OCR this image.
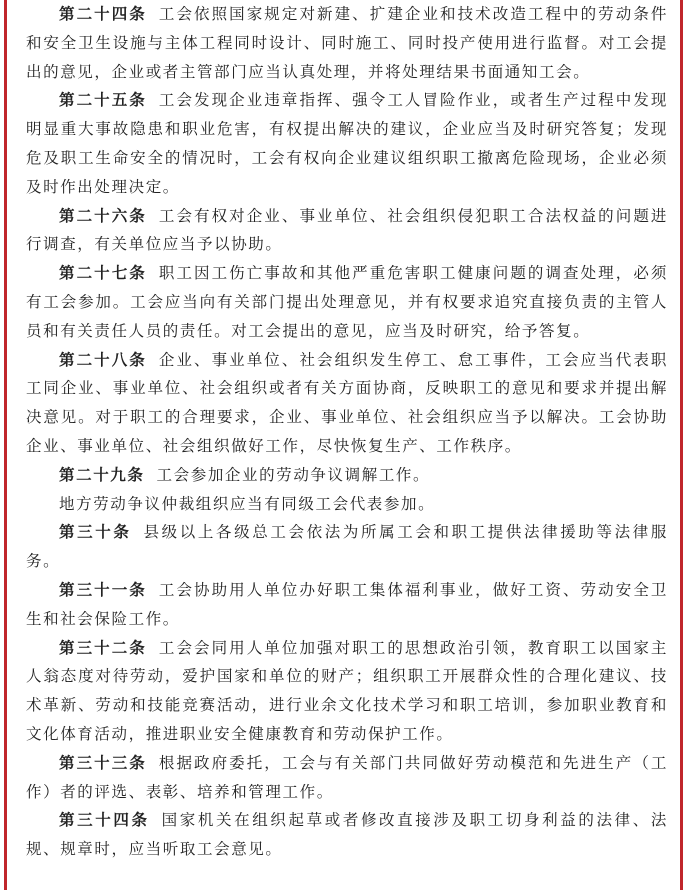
第二十四条 工会依照国家规定对新建、扩建企业和技术改造工程中的劳动条件和安全卫生设施与主体工程同时设计、同时施工、同时投产使用进行监督。对工会提出的意见，企业或者主管部门应当认真处理，并将处理结果书面通知工会。

第二十五条 工会发现企业违章指挥、强令工人冒险作业，或者生产过程中发现明显重大事故隐患和职业危害，有权提出解决的建议，企业应当及时研究答复；发现危及职工生命安全的情况时，工会有权向企业建议组织职工撤离危险现场，企业必须及时作出处理决定。

第二十六条 工会有权对企业、事业单位、社会组织侵犯职工合法权益的问题进行调查，有关单位应当予以协助。

第二十七条 职工因工伤亡事故和其他严重危害职工健康问题的调查处理，必须有工会参加。工会应当向有关部门提出处理意见，并有权要求追究直接负责的主管人员和有关责任人员的责任。对工会提出的意见，应当及时研究，给予答复。

第二十八条 企业、事业单位、社会组织发生停工、怠工事件，工会应当代表职工同企业、事业单位、社会组织或者有关方面协商，反映职工的意见和要求并提出解决意见。对于职工的合理要求，企业、事业单位、社会组织应当予以解决。工会协助企业、事业单位、社会组织做好工作，尽快恢复生产、工作秩序。

第二十九条 工会参加企业的劳动争议调解工作。

地方劳动争议仲裁组织应当有同级工会代表参加。

第三十条 县级以上各级总工会依法为所属工会和职工提供法律援助等法律服务。

第三十一条 工会协助用人单位办好职工集体福利事业，做好工资、劳动安全卫生和社会保险工作。

第三十二条 工会会同用人单位加强对职工的思想政治引领，教育职工以国家主人翁态度对待劳动，爱护国家和单位的财产；组织职工开展群众性的合理化建议、技术革新、劳动和技能竞赛活动，进行业余文化技术学习和职工培训，参加职业教育和文化体育活动，推进职业安全健康教育和劳动保护工作。

第三十三条 根据政府委托，工会与有关部门共同做好劳动模范和先进生产（工作）者的评选、表彰、培养和管理工作。

第三十四条 国家机关在组织起草或者修改直接涉及职工切身利益的法律、法规、规章时，应当听取工会意见。
